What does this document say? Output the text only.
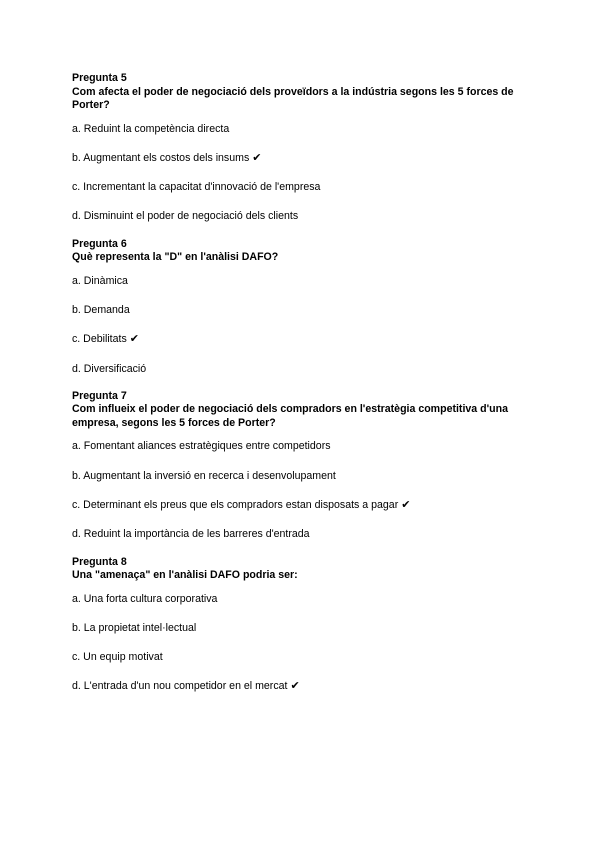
Pregunta 5
Com afecta el poder de negociació dels proveïdors a la indústria segons les 5 forces de Porter?
a. Reduint la competència directa
b. Augmentant els costos dels insums ✔
c. Incrementant la capacitat d'innovació de l'empresa
d. Disminuint el poder de negociació dels clients
Pregunta 6
Què representa la "D" en l'anàlisi DAFO?
a. Dinàmica
b. Demanda
c. Debilitats ✔
d. Diversificació
Pregunta 7
Com influeix el poder de negociació dels compradors en l'estratègia competitiva d'una empresa, segons les 5 forces de Porter?
a. Fomentant aliances estratègiques entre competidors
b. Augmentant la inversió en recerca i desenvolupament
c. Determinant els preus que els compradors estan disposats a pagar ✔
d. Reduint la importància de les barreres d'entrada
Pregunta 8
Una "amenaça" en l'anàlisi DAFO podria ser:
a. Una forta cultura corporativa
b. La propietat intel·lectual
c. Un equip motivat
d. L'entrada d'un nou competidor en el mercat ✔
